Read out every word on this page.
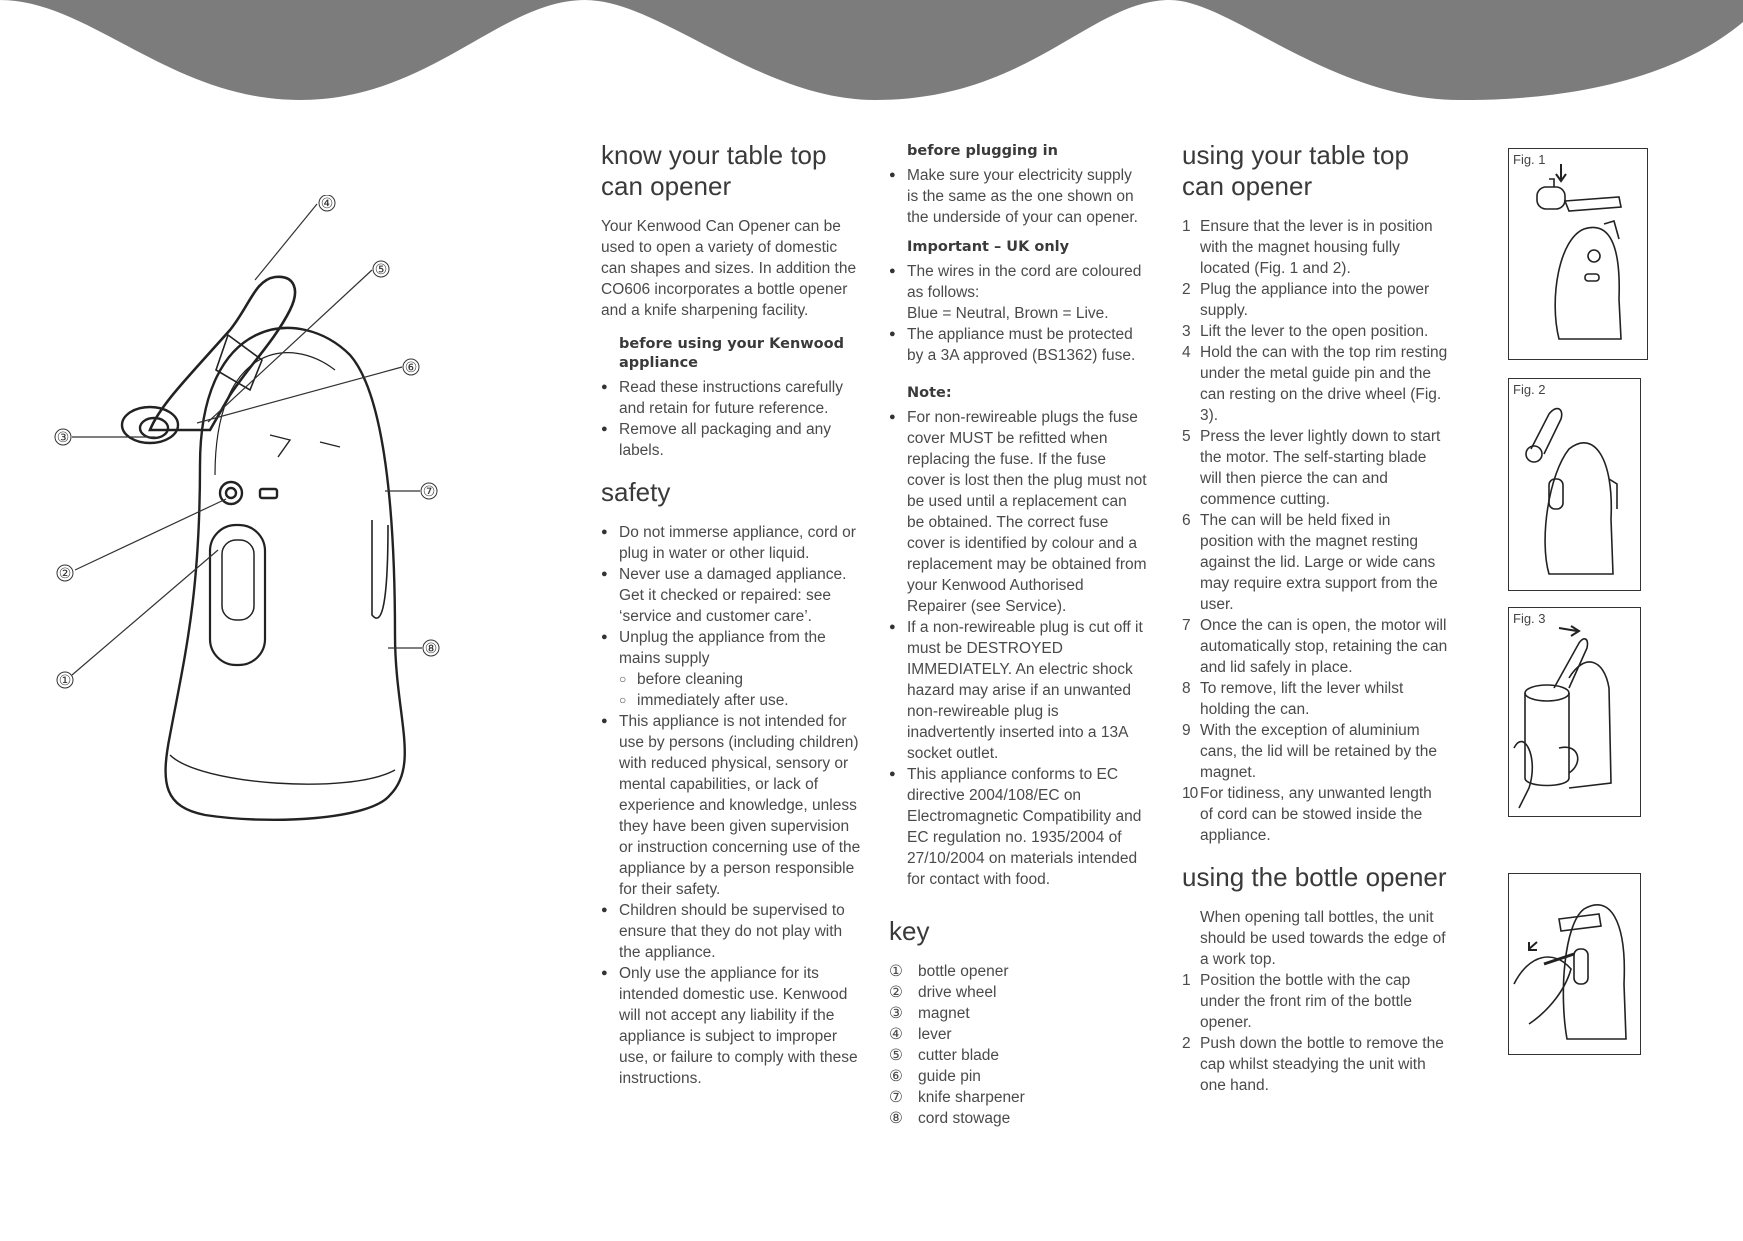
③
②
①
④
⑤
⑥
⑦
⑧
know your table top can opener

Your Kenwood Can Opener can be used to open a variety of domestic can shapes and sizes. In addition the CO606 incorporates a bottle opener and a knife sharpening facility.

before using your Kenwood appliance
● Read these instructions carefully and retain for future reference.
● Remove all packaging and any labels.
safety
● Do not immerse appliance, cord or plug in water or other liquid.
● Never use a damaged appliance. Get it checked or repaired: see ‘service and customer care’.
● Unplug the appliance from the mains supply
○ before cleaning
○ immediately after use.
● This appliance is not intended for use by persons (including children) with reduced physical, sensory or mental capabilities, or lack of experience and knowledge, unless they have been given supervision or instruction concerning use of the appliance by a person responsible for their safety.
● Children should be supervised to ensure that they do not play with the appliance.
● Only use the appliance for its intended domestic use. Kenwood will not accept any liability if the appliance is subject to improper use, or failure to comply with these instructions.
before plugging in
● Make sure your electricity supply is the same as the one shown on the underside of your can opener.
Important – UK only
● The wires in the cord are coloured as follows:
Blue = Neutral, Brown = Live.
● The appliance must be protected by a 3A approved (BS1362) fuse.
Note:
● For non-rewireable plugs the fuse cover MUST be refitted when replacing the fuse. If the fuse cover is lost then the plug must not be used until a replacement can be obtained. The correct fuse cover is identified by colour and a replacement may be obtained from your Kenwood Authorised Repairer (see Service).
● If a non-rewireable plug is cut off it must be DESTROYED IMMEDIATELY. An electric shock hazard may arise if an unwanted non-rewireable plug is inadvertently inserted into a 13A socket outlet.
● This appliance conforms to EC directive 2004/108/EC on Electromagnetic Compatibility and EC regulation no. 1935/2004 of 27/10/2004 on materials intended for contact with food.
key
① bottle opener
② drive wheel
③ magnet
④ lever
⑤ cutter blade
⑥ guide pin
⑦ knife sharpener
⑧ cord stowage
using your table top can opener
1 Ensure that the lever is in position with the magnet housing fully located (Fig. 1 and 2).
2 Plug the appliance into the power supply.
3 Lift the lever to the open position.
4 Hold the can with the top rim resting under the metal guide pin and the can resting on the drive wheel (Fig. 3).
5 Press the lever lightly down to start the motor. The self-starting blade will then pierce the can and commence cutting.
6 The can will be held fixed in position with the magnet resting against the lid. Large or wide cans may require extra support from the user.
7 Once the can is open, the motor will automatically stop, retaining the can and lid safely in place.
8 To remove, lift the lever whilst holding the can.
9 With the exception of aluminium cans, the lid will be retained by the magnet.
10 For tidiness, any unwanted length of cord can be stowed inside the appliance.
using the bottle opener

When opening tall bottles, the unit should be used towards the edge of a work top.

1 Position the bottle with the cap under the front rim of the bottle opener.
2 Push down the bottle to remove the cap whilst steadying the unit with one hand.
Fig. 1
Fig. 2
Fig. 3
